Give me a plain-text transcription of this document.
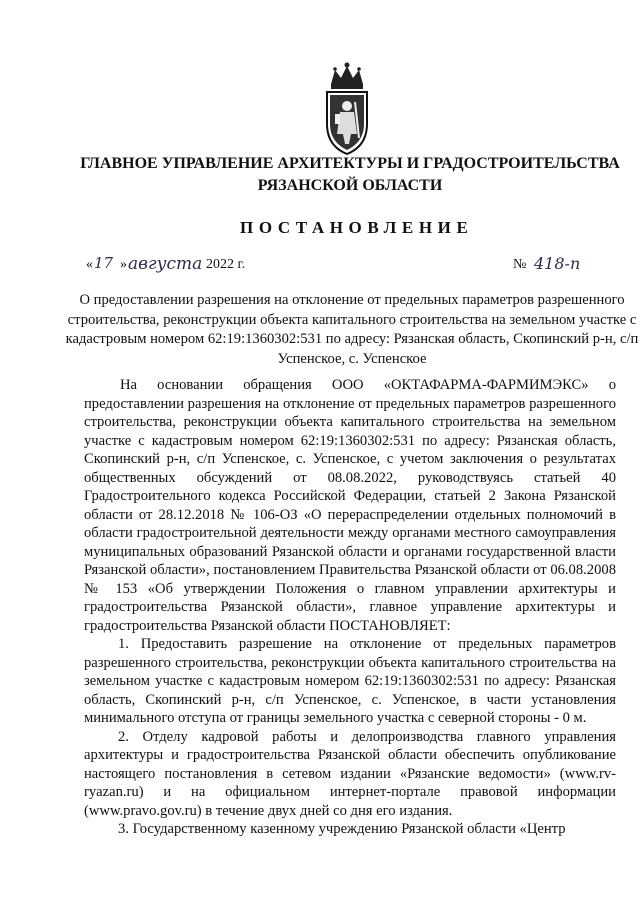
ГЛАВНОЕ УПРАВЛЕНИЕ АРХИТЕКТУРЫ И ГРАДОСТРОИТЕЛЬСТВА
РЯЗАНСКОЙ ОБЛАСТИ
ПОСТАНОВЛЕНИЕ
« 17 » августа 2022 г.	№ 418-п
О предоставлении разрешения на отклонение от предельных параметров разрешенного строительства, реконструкции объекта капитального строительства на земельном участке с кадастровым номером 62:19:1360302:531 по адресу: Рязанская область, Скопинский р-н, с/п Успенское, с. Успенское

На основании обращения ООО «ОКТАФАРМА-ФАРМИМЭКС» о предоставлении разрешения на отклонение от предельных параметров разрешенного строительства, реконструкции объекта капитального строительства на земельном участке с кадастровым номером 62:19:1360302:531 по адресу: Рязанская область, Скопинский р-н, с/п Успенское, с. Успенское, с учетом заключения о результатах общественных обсуждений от 08.08.2022, руководствуясь статьей 40 Градостроительного кодекса Российской Федерации, статьей 2 Закона Рязанской области от 28.12.2018 № 106-ОЗ «О перераспределении отдельных полномочий в области градостроительной деятельности между органами местного самоуправления муниципальных образований Рязанской области и органами государственной власти Рязанской области», постановлением Правительства Рязанской области от 06.08.2008 № 153 «Об утверждении Положения о главном управлении архитектуры и градостроительства Рязанской области», главное управление архитектуры и градостроительства Рязанской области ПОСТАНОВЛЯЕТ:

1. Предоставить разрешение на отклонение от предельных параметров разрешенного строительства, реконструкции объекта капитального строительства на земельном участке с кадастровым номером 62:19:1360302:531 по адресу: Рязанская область, Скопинский р-н, с/п Успенское, с. Успенское, в части установления минимального отступа от границы земельного участка с северной стороны - 0 м.

2. Отделу кадровой работы и делопроизводства главного управления архитектуры и градостроительства Рязанской области обеспечить опубликование настоящего постановления в сетевом издании «Рязанские ведомости» (www.rv-ryazan.ru) и на официальном интернет-портале правовой информации (www.pravo.gov.ru) в течение двух дней со дня его издания.

3. Государственному казенному учреждению Рязанской области «Центр
